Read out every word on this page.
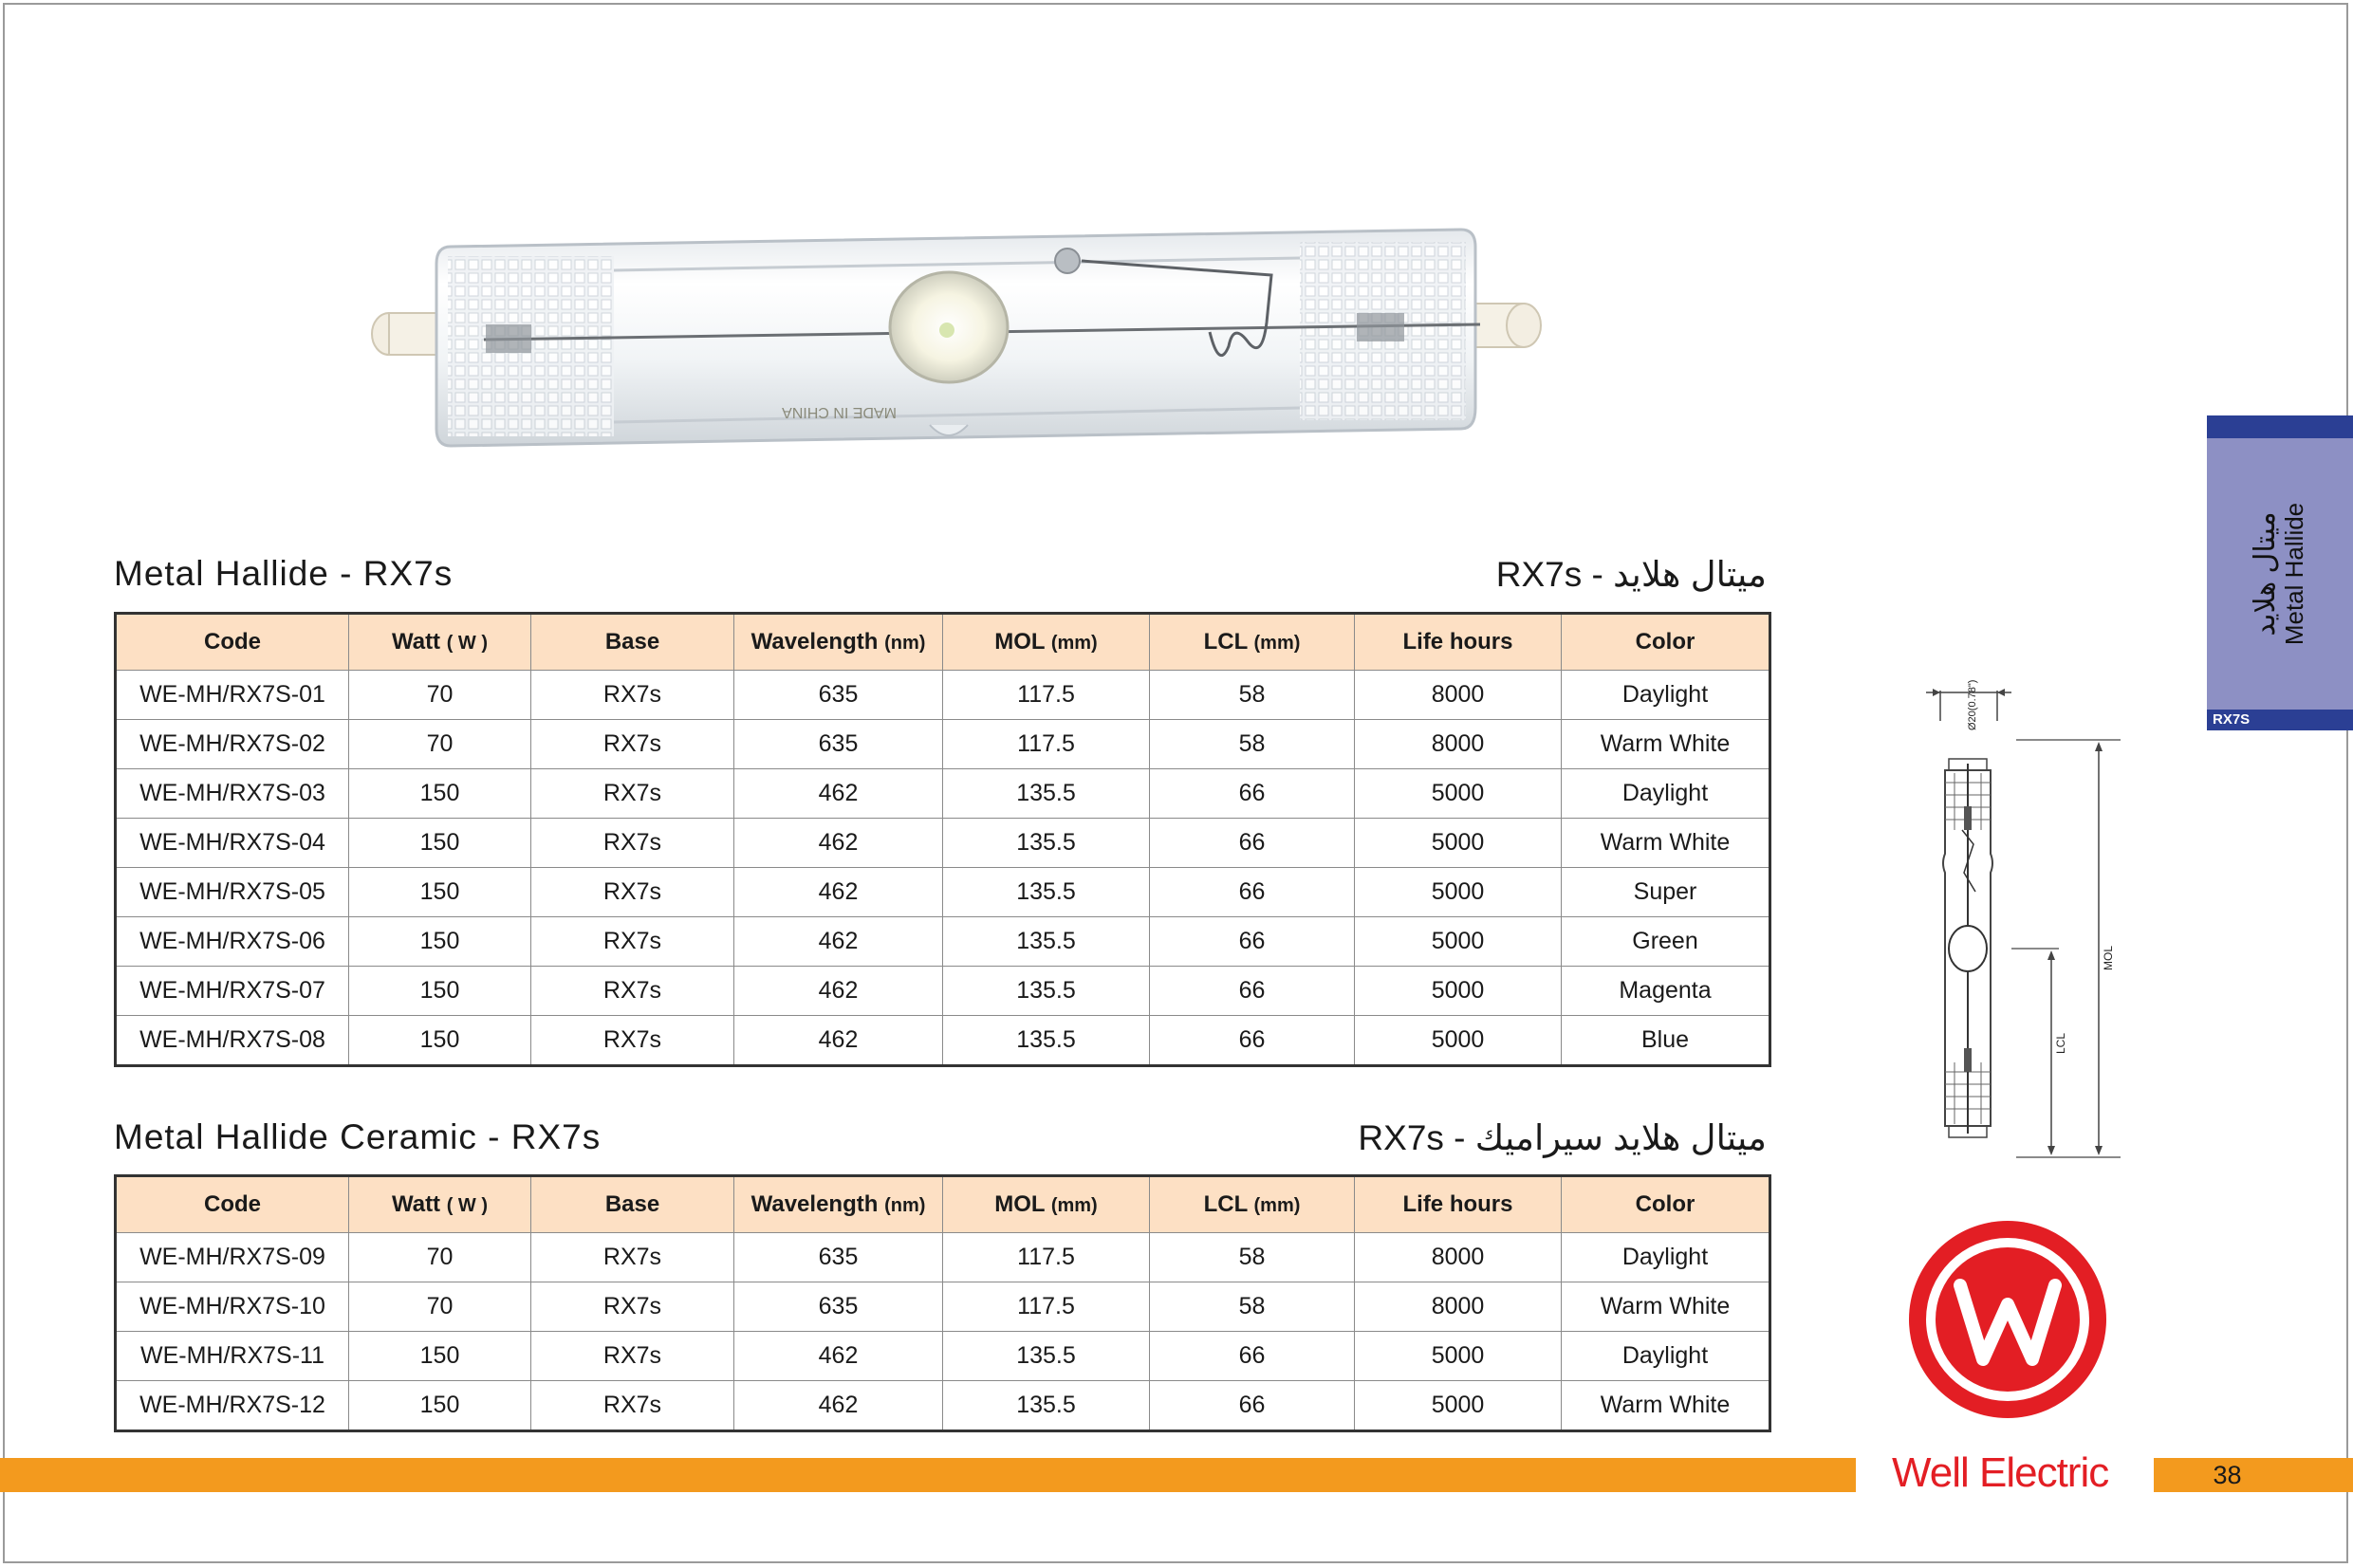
MADE IN CHINA
Metal Hallide - RX7s	ميتال هلايد - RX7s
Code	Watt ( W )	Base	Wavelength (nm)	MOL (mm)	LCL (mm)	Life hours	Color
WE-MH/RX7S-01	70	RX7s	635	117.5	58	8000	Daylight
WE-MH/RX7S-02	70	RX7s	635	117.5	58	8000	Warm White
WE-MH/RX7S-03	150	RX7s	462	135.5	66	5000	Daylight
WE-MH/RX7S-04	150	RX7s	462	135.5	66	5000	Warm White
WE-MH/RX7S-05	150	RX7s	462	135.5	66	5000	Super
WE-MH/RX7S-06	150	RX7s	462	135.5	66	5000	Green
WE-MH/RX7S-07	150	RX7s	462	135.5	66	5000	Magenta
WE-MH/RX7S-08	150	RX7s	462	135.5	66	5000	Blue
Metal Hallide Ceramic - RX7s	ميتال هلايد سيراميك - RX7s
Code	Watt ( W )	Base	Wavelength (nm)	MOL (mm)	LCL (mm)	Life hours	Color
WE-MH/RX7S-09	70	RX7s	635	117.5	58	8000	Daylight
WE-MH/RX7S-10	70	RX7s	635	117.5	58	8000	Warm White
WE-MH/RX7S-11	150	RX7s	462	135.5	66	5000	Daylight
WE-MH/RX7S-12	150	RX7s	462	135.5	66	5000	Warm White
ميتال هلايد Metal Hallide
RX7S
Ø20(0.78")
MOL
LCL
Well Electric	38
